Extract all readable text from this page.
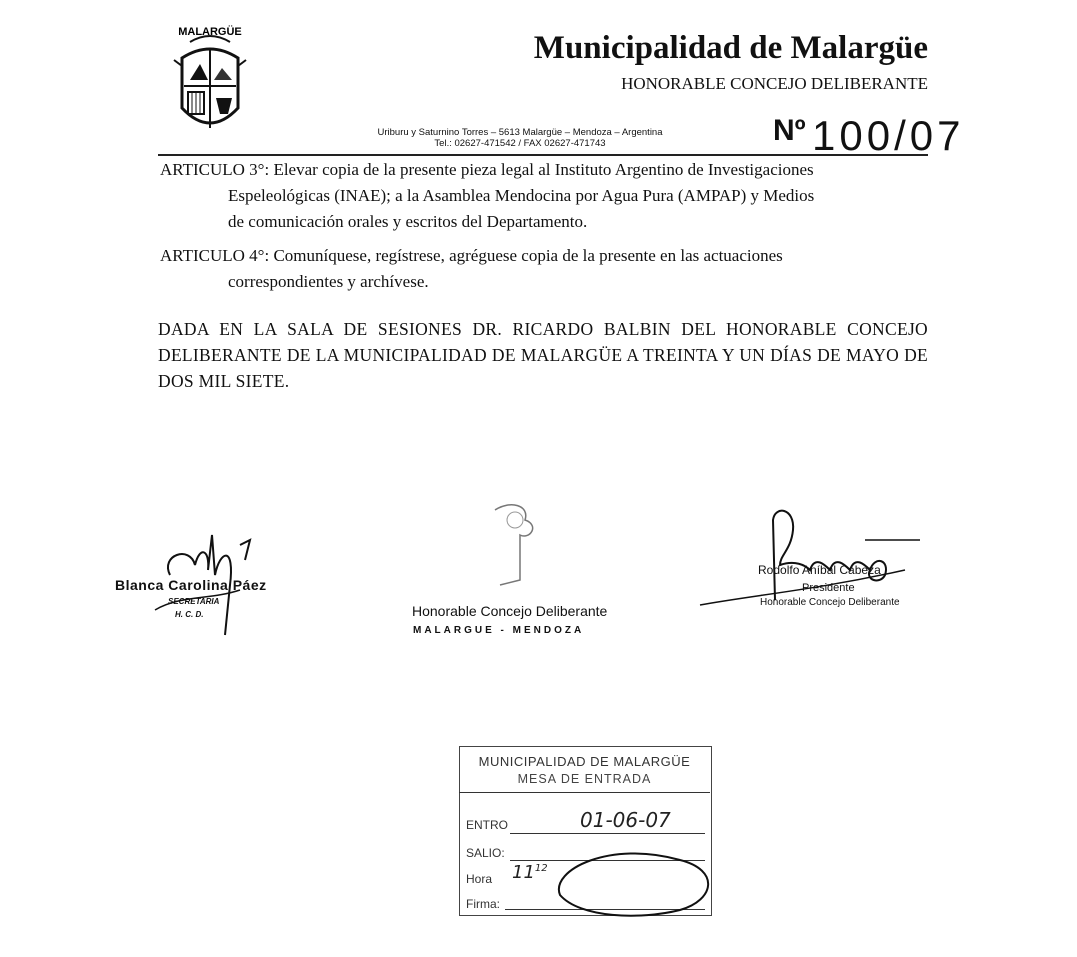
MALARGÜE	Municipalidad de Malargüe
HONORABLE CONCEJO DELIBERANTE
Uriburu y Saturnino Torres – 5613 Malargüe – Mendoza – Argentina
Tel.: 02627-471542 / FAX 02627-471743	Nº 100/07
ARTICULO 3°: Elevar copia de la presente pieza legal al Instituto Argentino de Investigaciones
Espeleológicas (INAE); a la Asamblea Mendocina por Agua Pura (AMPAP) y Medios
de comunicación orales y escritos del Departamento.
ARTICULO 4°: Comuníquese, regístrese, agréguese copia de la presente en las actuaciones
correspondientes y archívese.
DADA EN LA SALA DE SESIONES DR. RICARDO BALBIN DEL HONORABLE CONCEJO DELIBERANTE DE LA MUNICIPALIDAD DE MALARGÜE A TREINTA Y UN DÍAS DE MAYO DE DOS MIL SIETE.
Blanca Carolina Páez
SECRETARIA
H. C. D.	Honorable Concejo Deliberante
MALARGUE - MENDOZA
Rodolfo Aníbal Cabeza
Presidente
Honorable Concejo Deliberante
MUNICIPALIDAD DE MALARGÜE
MESA DE ENTRADA
ENTRO	01-06-07
SALIO:
Hora $11^{12}$
Firma:
